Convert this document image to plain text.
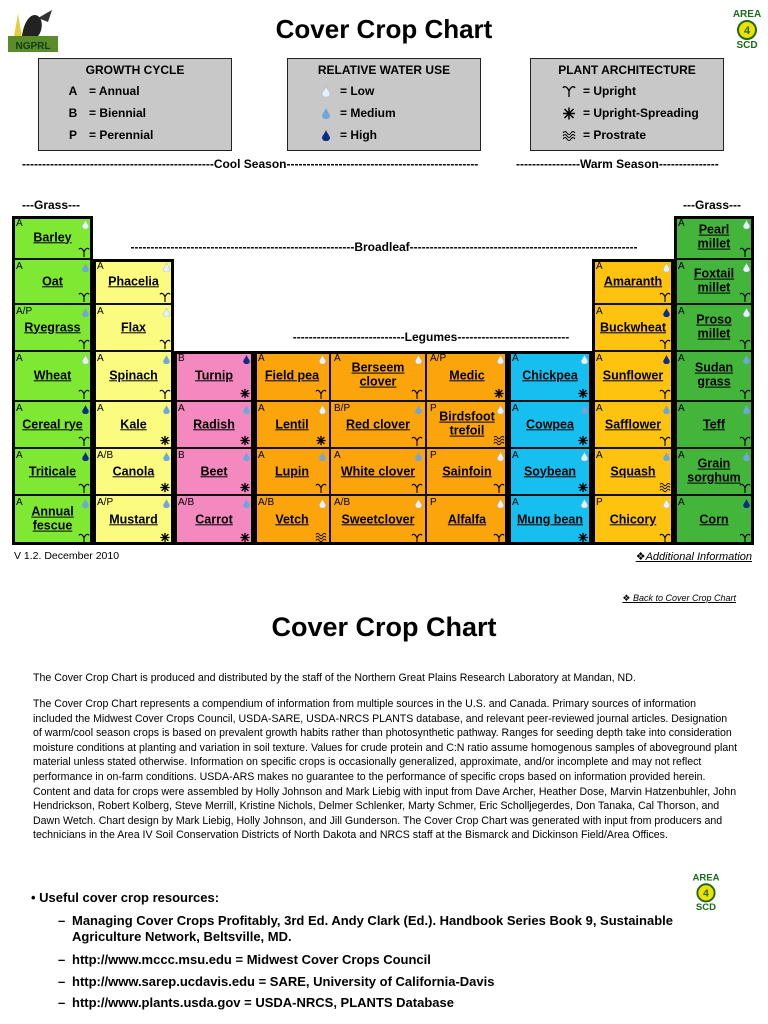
NGPRL
Cover Crop Chart	AREA
4
SCD
GROWTH CYCLE
A = Annual
B = Biennial
P	= Perennial
RELATIVE WATER USE
= Low
= Medium
= High
PLANT ARCHITECTURE
= Upright
= Upright-Spreading
= Prostrate
------------------------------------------------Cool Season------------------------------------------------	----------------Warm Season---------------
---Grass---	---Grass---
--------------------------------------------------------Broadleaf---------------------------------------------------------
----------------------------Legumes----------------------------
A
Barley
A
Oat
A/P
Ryegrass
A
Wheat
A
Cereal rye
A
Triticale
A
Annual fescue
A
Phacelia
A
Flax
A
Spinach
A
Kale
A/B
Canola
A/P
Mustard
B
Turnip
A
Radish
B
Beet
A/B
Carrot
A
Field pea
A
Lentil
A
Lupin
A/B
Vetch
A
Berseem clover
B/P
Red clover
A
White clover
A/B
Sweetclover
A/P
Medic
P
Birdsfoot trefoil
P
Sainfoin
P
Alfalfa
A
Chickpea
A
Cowpea
A
Soybean
A
Mung bean
A
Amaranth
A
Buckwheat
A
Sunflower
A
Safflower
A
Squash
P
Chicory
A	Pearl millet
A Foxtail millet
A
Proso millet
A
Sudan grass
A
Teff
A
Grain sorghum
A
Corn
V 1.2. December 2010	❖Additional Information
❖ Back to Cover Crop Chart
Cover Crop Chart
The Cover Crop Chart is produced and distributed by the staff of the Northern Great Plains Research Laboratory at Mandan, ND.
The Cover Crop Chart represents a compendium of information from multiple sources in the U.S. and Canada. Primary sources of information included the Midwest Cover Crops Council, USDA-SARE, USDA-NRCS PLANTS database, and relevant peer-reviewed journal articles. Designation of warm/cool season crops is based on prevalent growth habits rather than photosynthetic pathway. Ranges for seeding depth take into consideration moisture conditions at planting and variation in soil texture. Values for crude protein and C:N ratio assume homogenous samples of aboveground plant material unless stated otherwise. Information on specific crops is occasionally generalized, approximate, and/or incomplete and may not reflect performance in on-farm conditions. USDA-ARS makes no guarantee to the performance of specific crops based on information provided herein. Content and data for crops were assembled by Holly Johnson and Mark Liebig with input from Dave Archer, Heather Dose, Marvin Hatzenbuhler, John Hendrickson, Robert Kolberg, Steve Merrill, Kristine Nichols, Delmer Schlenker, Marty Schmer, Eric Scholljegerdes, Don Tanaka, Cal Thorson, and Dawn Wetch. Chart design by Mark Liebig, Holly Johnson, and Jill Gunderson. The Cover Crop Chart was generated with input from producers and technicians in the Area IV Soil Conservation Districts of North Dakota and NRCS staff at the Bismarck and Dickinson Field/Area Offices.
• Useful cover crop resources:
AREA
4
SCD
– Managing Cover Crops Profitably, 3rd Ed. Andy Clark (Ed.). Handbook Series Book 9, Sustainable Agriculture Network, Beltsville, MD.
– http://www.mccc.msu.edu = Midwest Cover Crops Council
– http://www.sarep.ucdavis.edu = SARE, University of California-Davis
– http://www.plants.usda.gov = USDA-NRCS, PLANTS Database
